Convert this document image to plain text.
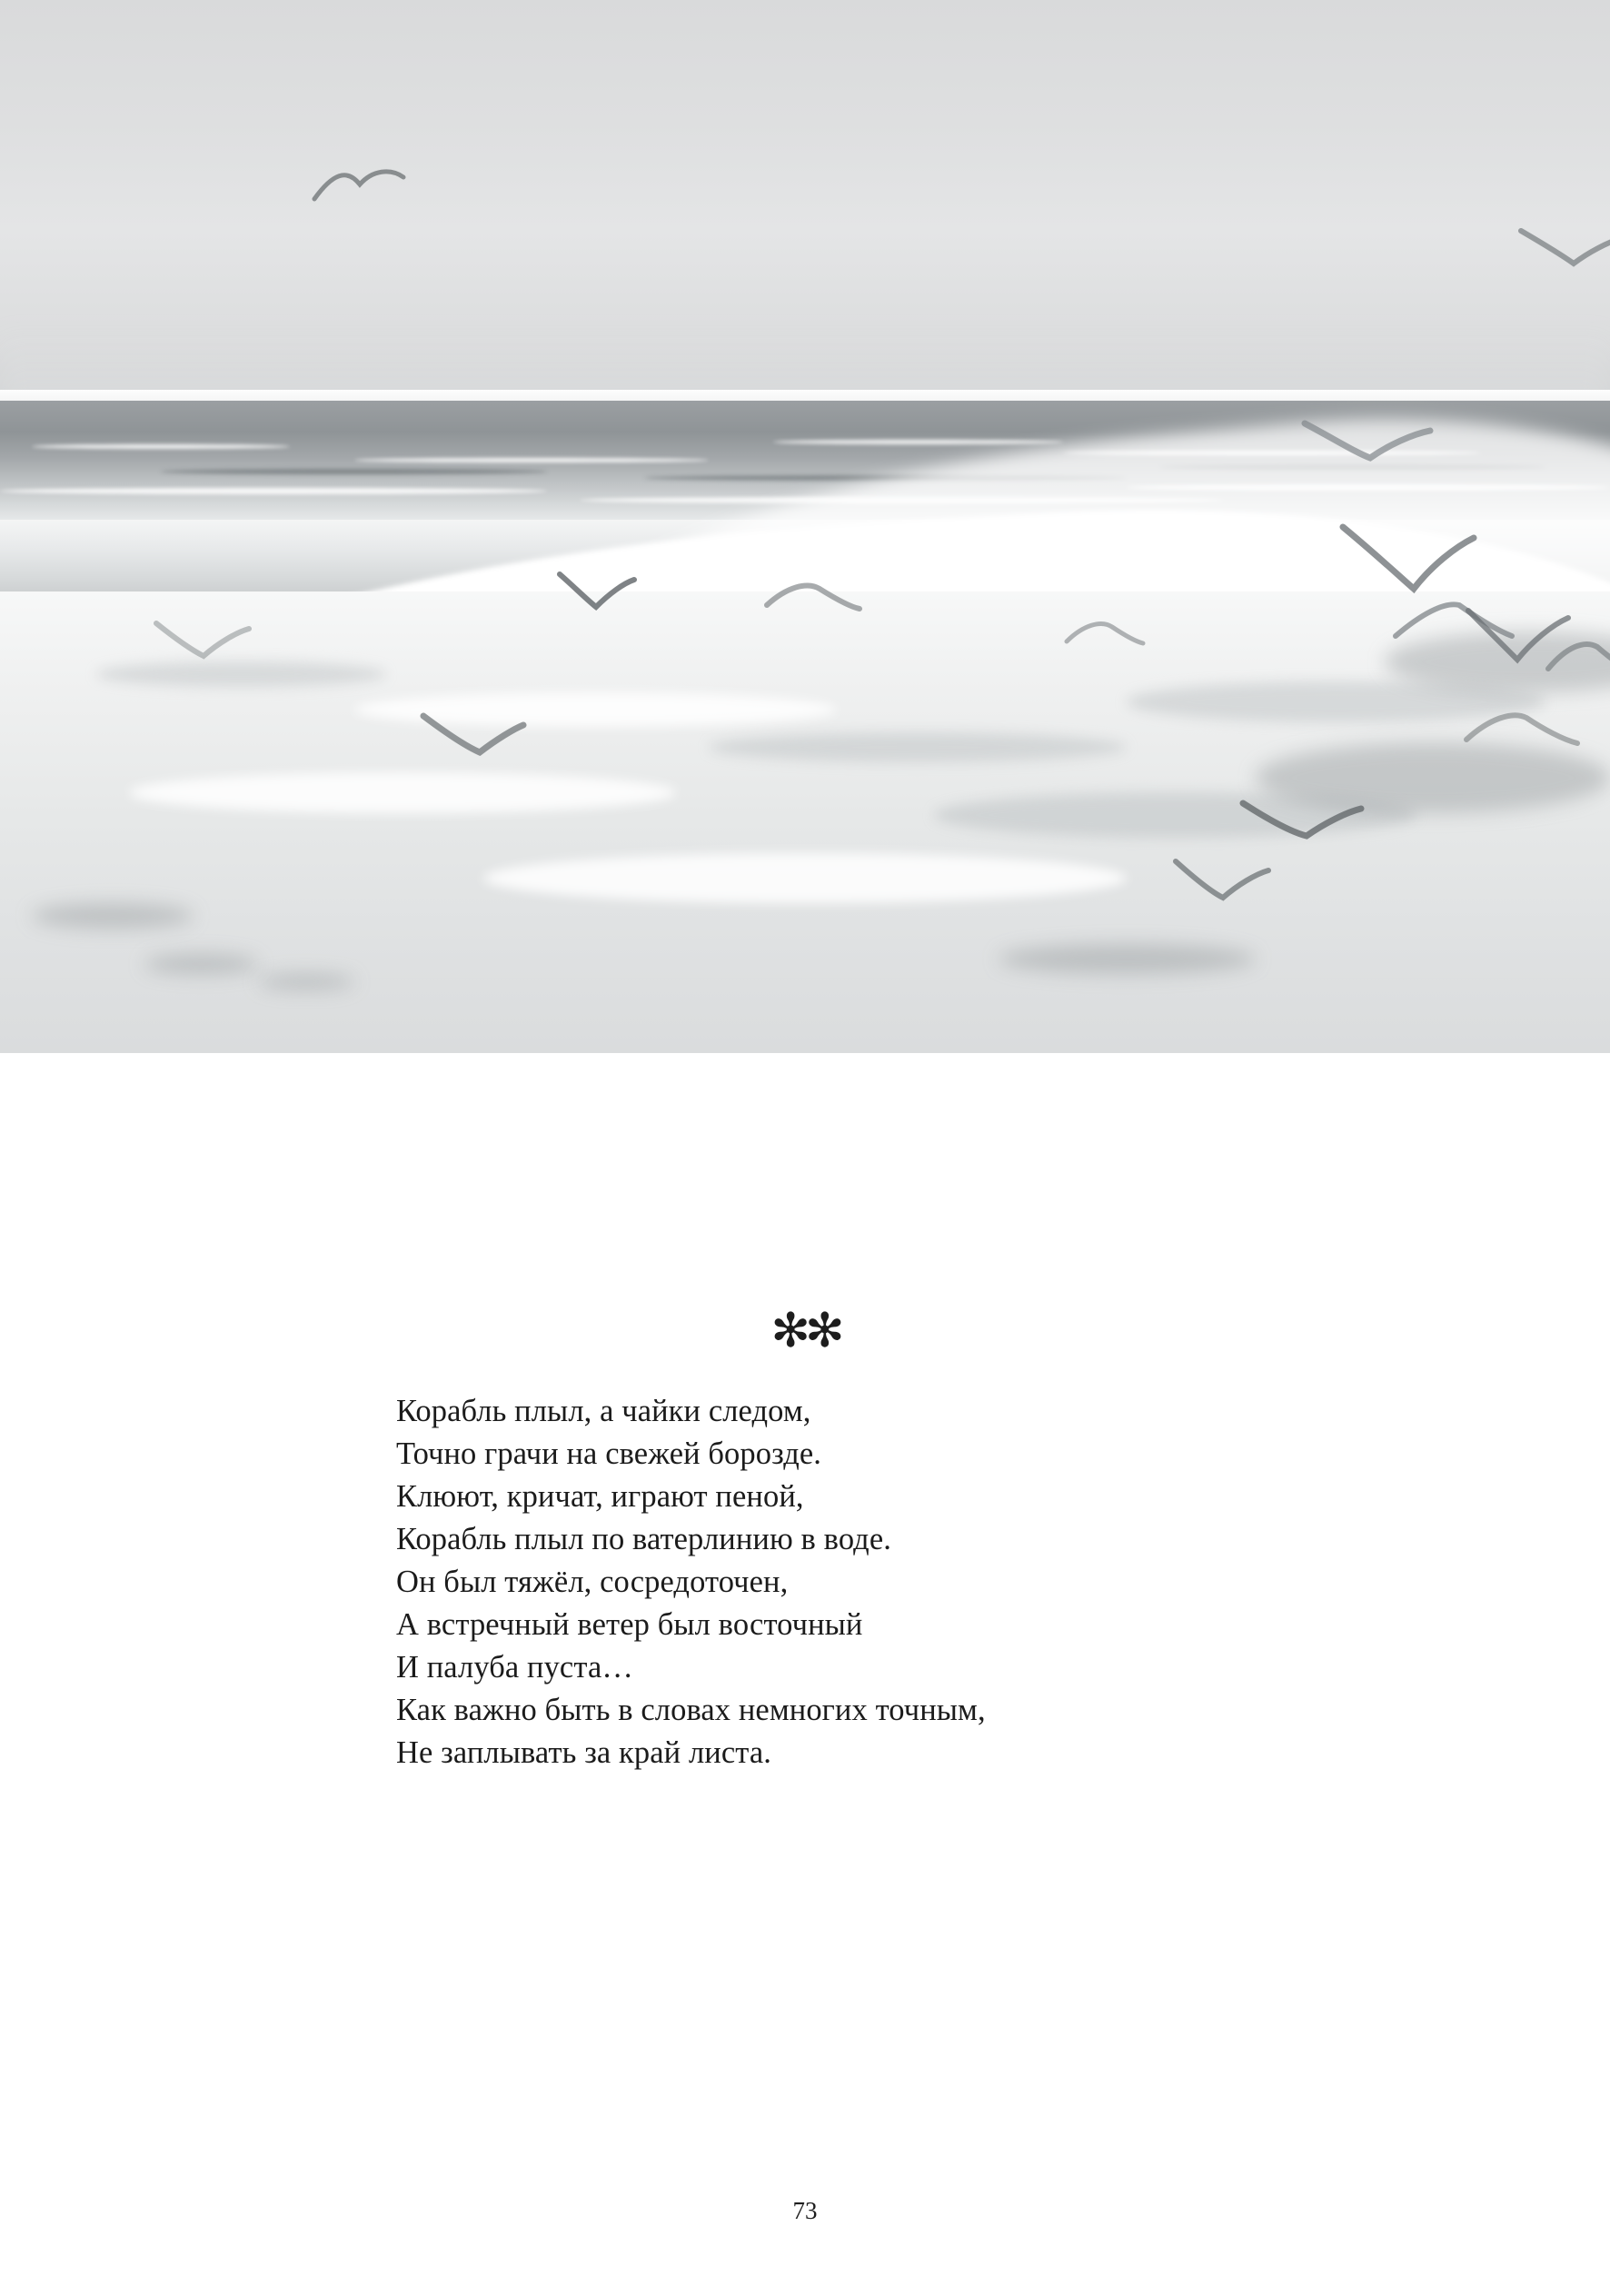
✻✻
Корабль плыл, а чайки следом,
Точно грачи на свежей борозде.
Клюют, кричат, играют пеной,
Корабль плыл по ватерлинию в воде.
Он был тяжёл, сосредоточен,
А встречный ветер был восточный
И палуба пуста…
Как важно быть в словах немногих точным,
Не заплывать за край листа.
73
